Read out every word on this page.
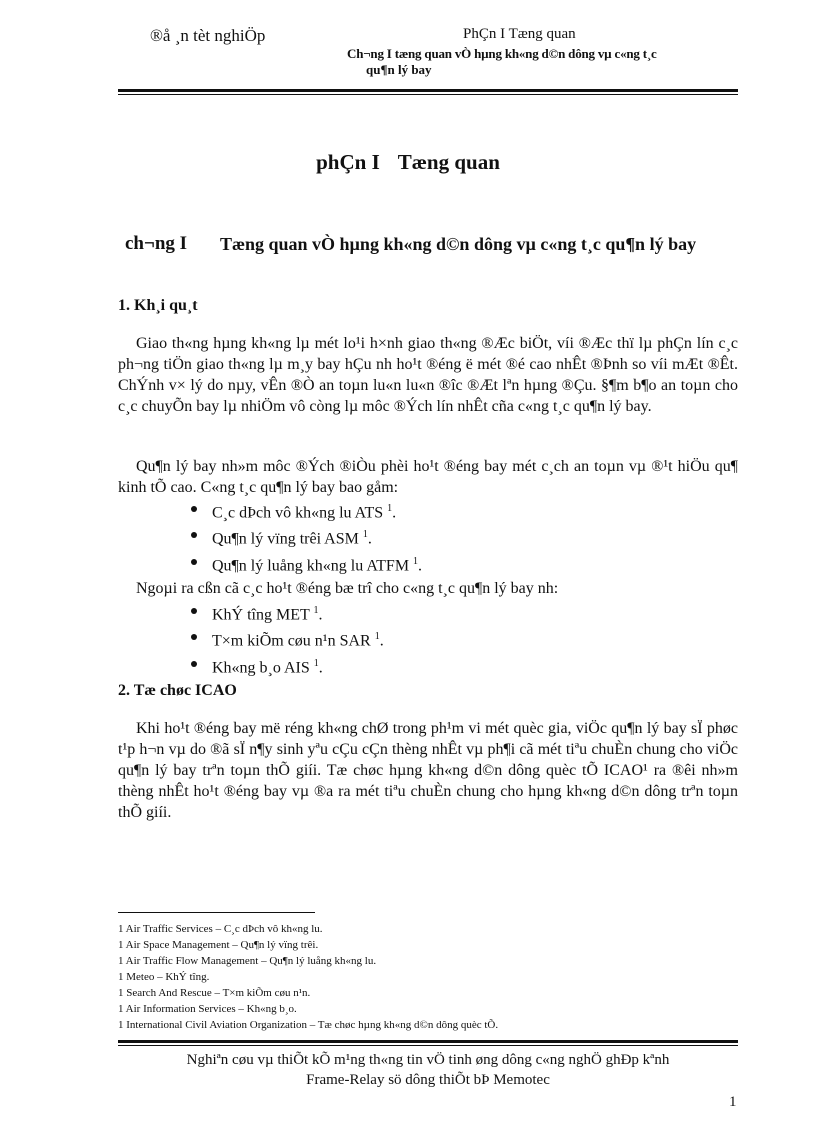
®å ¸n tèt nghiÖp	PhÇn I Tæng quan
Ch¬ng I tæng quan vÒ hµng kh«ng d©n dông vµ c«ng t¸c
qu¶n lý bay
phÇn I Tæng quan
ch¬ng I Tæng quan vÒ hµng kh«ng d©n dông vµ c«ng t¸c qu¶n lý bay
1. Kh¸i qu¸t

Giao th«ng hµng kh«ng lµ mét lo¹i h×nh giao th«ng ®Æc biÖt, víi ®Æc thï lµ phÇn lín c¸c ph¬ng tiÖn giao th«ng lµ m¸y bay hÇu nh ho¹t ®éng ë mét ®é cao nhÊt ®Þnh so víi mÆt ®Êt. ChÝnh v× lý do nµy, vÊn ®Ò an toµn lu«n lu«n ®îc ®Æt lªn hµng ®Çu. §¶m b¶o an toµn cho c¸c chuyÕn bay lµ nhiÖm vô còng lµ môc ®Ých lín nhÊt cña c«ng t¸c qu¶n lý bay.

Qu¶n lý bay nh»m môc ®Ých ®iÒu phèi ho¹t ®éng bay mét c¸ch an toµn vµ ®¹t hiÖu qu¶ kinh tÕ cao. C«ng t¸c qu¶n lý bay bao gåm:

C¸c dÞch vô kh«ng lu ATS $^1$.
Qu¶n lý vïng trêi ASM $^1$.
Qu¶n lý luång kh«ng lu ATFM $^1$.

Ngoµi ra cßn cã c¸c ho¹t ®éng bæ trî cho c«ng t¸c qu¶n lý bay nh:

KhÝ tîng MET $^1$.
T×m kiÕm cøu n¹n SAR $^1$.
Kh«ng b¸o AIS $^1$.
2. Tæ chøc ICAO

Khi ho¹t ®éng bay më réng kh«ng chØ trong ph¹m vi mét quèc gia, viÖc qu¶n lý bay sÏ phøc t¹p h¬n vµ do ®ã sÏ n¶y sinh yªu cÇu cÇn thèng nhÊt vµ ph¶i cã mét tiªu chuÈn chung cho viÖc qu¶n lý bay trªn toµn thÕ giíi. Tæ chøc hµng kh«ng d©n dông quèc tÕ ICAO¹ ra ®êi nh»m thèng nhÊt ho¹t ®éng bay vµ ®a ra mét tiªu chuÈn chung cho hµng kh«ng d©n dông trªn toµn thÕ giíi.

1 Air Traffic Services – C¸c dÞch vô kh«ng lu.
1 Air Space Management – Qu¶n lý vïng trêi.
1 Air Traffic Flow Management – Qu¶n lý luång kh«ng lu.
1 Meteo – KhÝ tîng.
1 Search And Rescue – T×m kiÕm cøu n¹n.
1 Air Information Services – Kh«ng b¸o.
1 International Civil Aviation Organization – Tæ chøc hµng kh«ng d©n dông quèc tÕ.
Nghiªn cøu vµ thiÕt kÕ m¹ng th«ng tin vÖ tinh øng dông c«ng nghÖ ghÐp kªnh
Frame-Relay sö dông thiÕt bÞ Memotec
1
